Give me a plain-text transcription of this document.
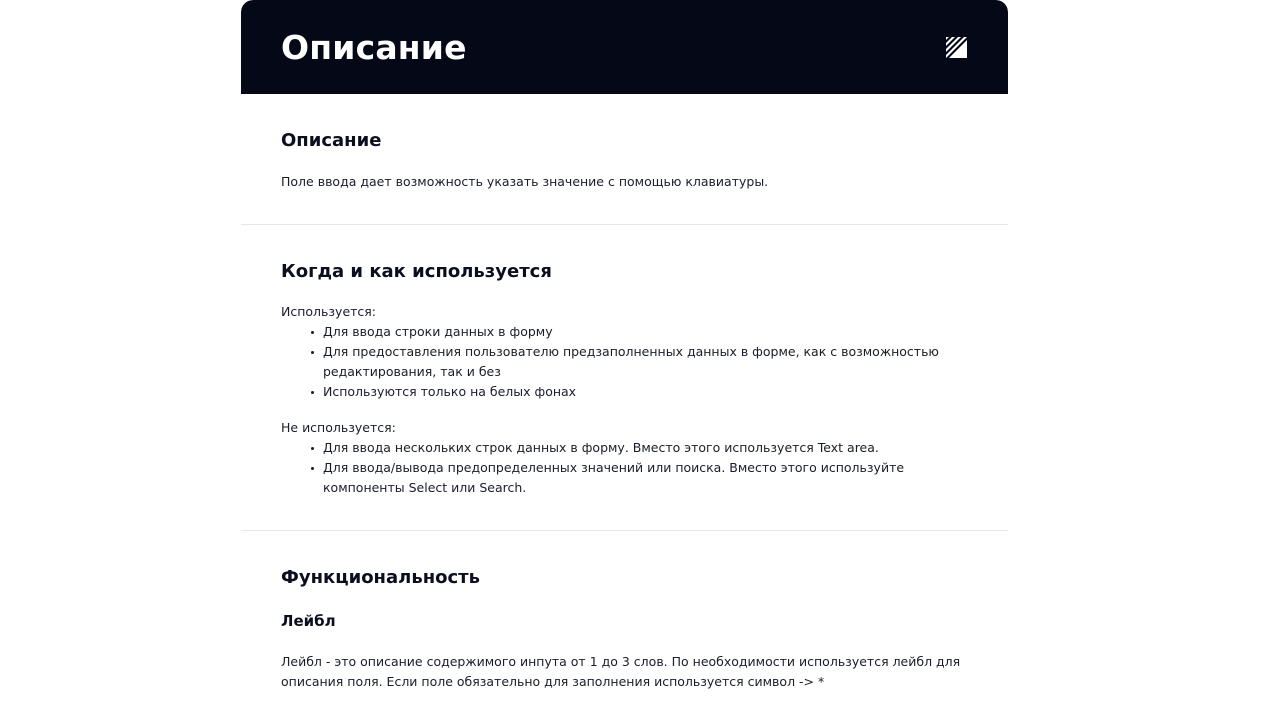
Описание
Описание

Поле ввода дает возможность указать значение с помощью клавиатуры.

Когда и как используется
Используется:
Для ввода строки данных в форму
Для предоставления пользователю предзаполненных данных в форме, как с возможностью редактирования, так и без
Используются только на белых фонах
Не используется:
Для ввода нескольких строк данных в форму. Вместо этого используется Text area.
Для ввода/вывода предопределенных значений или поиска. Вместо этого используйте компоненты Select или Search.
Функциональность
Лейбл

Лейбл - это описание содержимого инпута от 1 до 3 слов. По необходимости используется лейбл для описания поля. Если поле обязательно для заполнения используется символ -> *
